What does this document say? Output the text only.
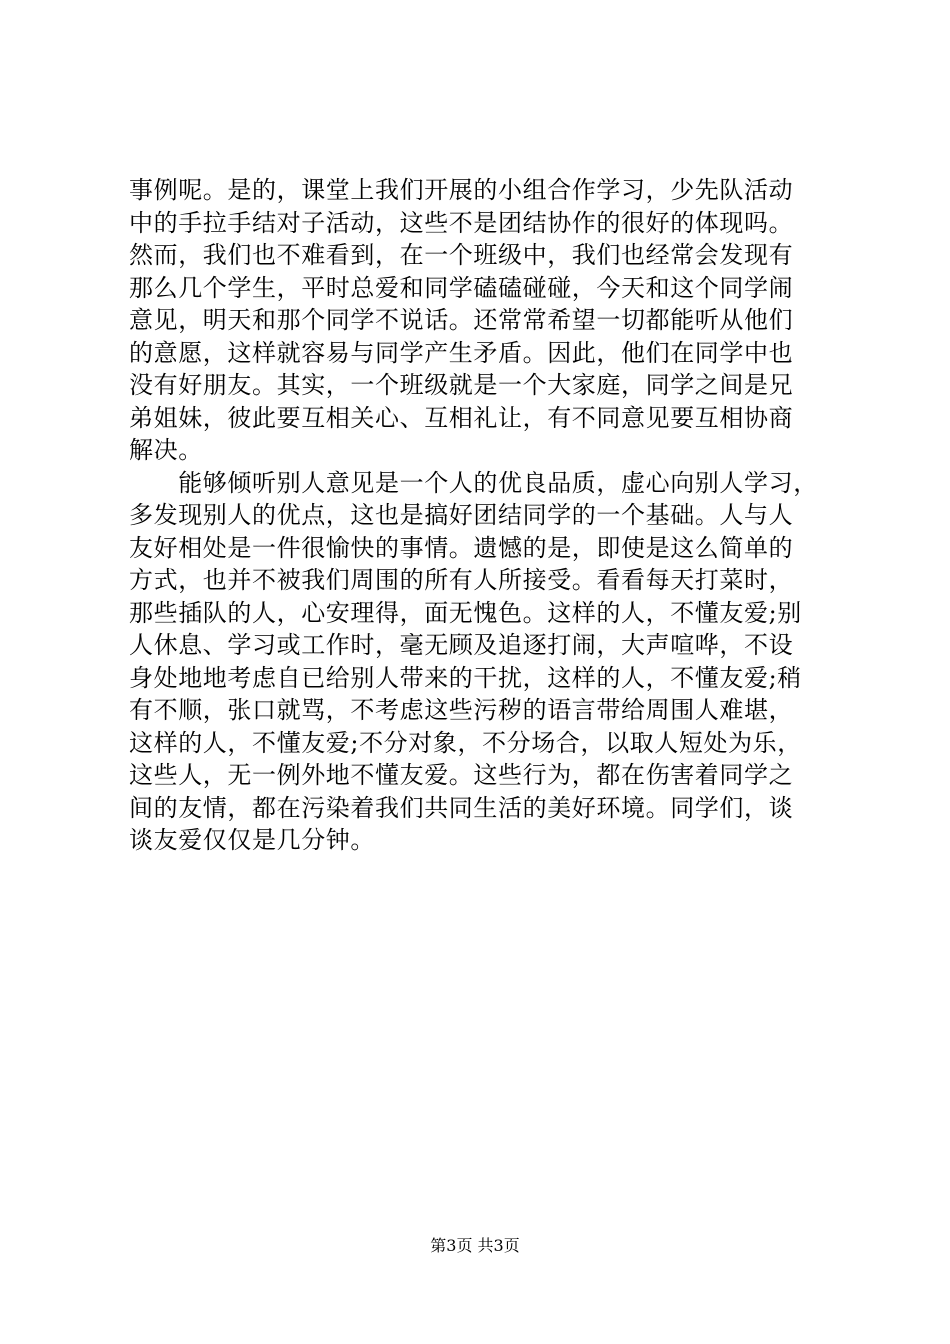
事例呢。是的，课堂上我们开展的小组合作学习，少先队活动
中的手拉手结对子活动，这些不是团结协作的很好的体现吗。
然而，我们也不难看到，在一个班级中，我们也经常会发现有
那么几个学生，平时总爱和同学磕磕碰碰，今天和这个同学闹
意见，明天和那个同学不说话。还常常希望一切都能听从他们
的意愿，这样就容易与同学产生矛盾。因此，他们在同学中也
没有好朋友。其实，一个班级就是一个大家庭，同学之间是兄
弟姐妹，彼此要互相关心、互相礼让，有不同意见要互相协商
解决。
　　能够倾听别人意见是一个人的优良品质，虚心向别人学习，
多发现别人的优点，这也是搞好团结同学的一个基础。人与人
友好相处是一件很愉快的事情。遗憾的是，即使是这么简单的
方式，也并不被我们周围的所有人所接受。看看每天打菜时，
那些插队的人，心安理得，面无愧色。这样的人，不懂友爱;别
人休息、学习或工作时，毫无顾及追逐打闹，大声喧哗，不设
身处地地考虑自已给别人带来的干扰，这样的人，不懂友爱;稍
有不顺，张口就骂，不考虑这些污秽的语言带给周围人难堪，
这样的人，不懂友爱;不分对象，不分场合，以取人短处为乐，
这些人，无一例外地不懂友爱。这些行为，都在伤害着同学之
间的友情，都在污染着我们共同生活的美好环境。同学们，谈
谈友爱仅仅是几分钟。
第3页 共3页
